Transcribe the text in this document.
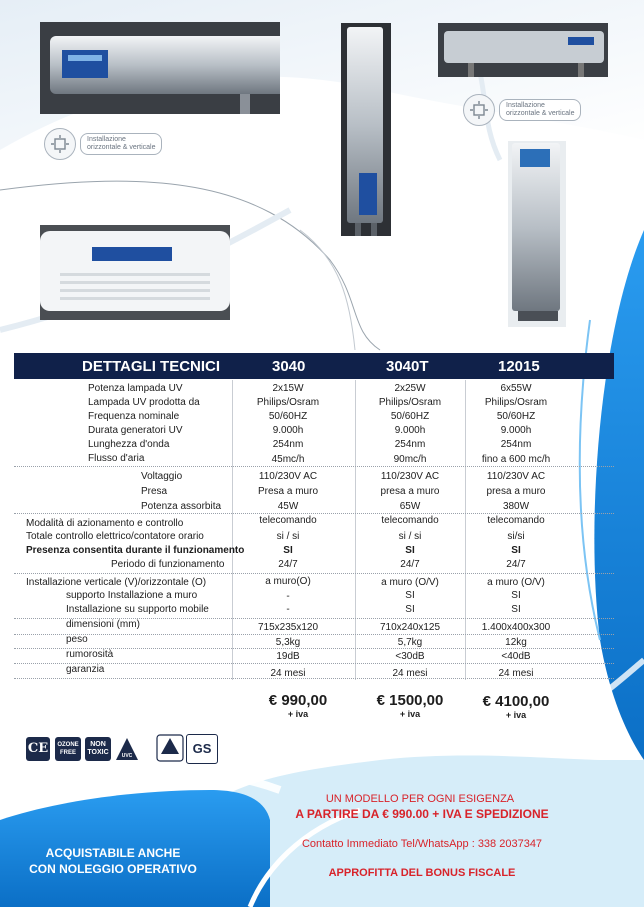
Installazione
orizzontale & verticale
Installazione
orizzontale & verticale
DETTAGLI TECNICI	3040	3040T	12015
Potenza lampada UV	2x15W	2x25W	6x55W
Lampada UV prodotta da	Philips/Osram	Philips/Osram	Philips/Osram
Frequenza nominale	50/60HZ	50/60HZ	50/60HZ
Durata generatori UV	9.000h	9.000h	9.000h
Lunghezza d'onda	254nm	254nm	254nm
Flusso d'aria	45mc/h	90mc/h	fino a 600 mc/h
Voltaggio	110/230V AC	110/230V AC	110/230V AC
Presa	Presa a muro	presa a muro	presa a muro
Potenza assorbita	45W	65W	380W
Modalità di azionamento e controllo	telecomando	telecomando	telecomando
Totale controllo elettrico/contatore orario	si / si	si / si	si/si
Presenza consentita durante il funzionamento	SI	SI	SI
Periodo di funzionamento	24/7	24/7	24/7
Installazione verticale (V)/orizzontale (O)	a muro(O)	a muro (O/V)	a muro (O/V)
supporto Installazione a muro	-	SI	SI
Installazione su supporto mobile	-	SI	SI
dimensioni (mm)	715x235x120	710x240x125	1.400x400x300
peso	5,3kg	5,7kg	12kg
rumorosità	19dB	<30dB	<40dB
garanzia	24 mesi	24 mesi	24 mesi
€ 990,00
+ iva
€ 1500,00
+ iva
€ 4100,00
+ iva
CE	OZONE FREE
NON TOXIC	UVC	GS
UN MODELLO PER OGNI ESIGENZA
A PARTIRE DA € 990.00 + IVA E SPEDIZIONE
Contatto Immediato Tel/WhatsApp : 338 2037347
APPROFITTA DEL BONUS FISCALE
ACQUISTABILE ANCHE
CON NOLEGGIO OPERATIVO
